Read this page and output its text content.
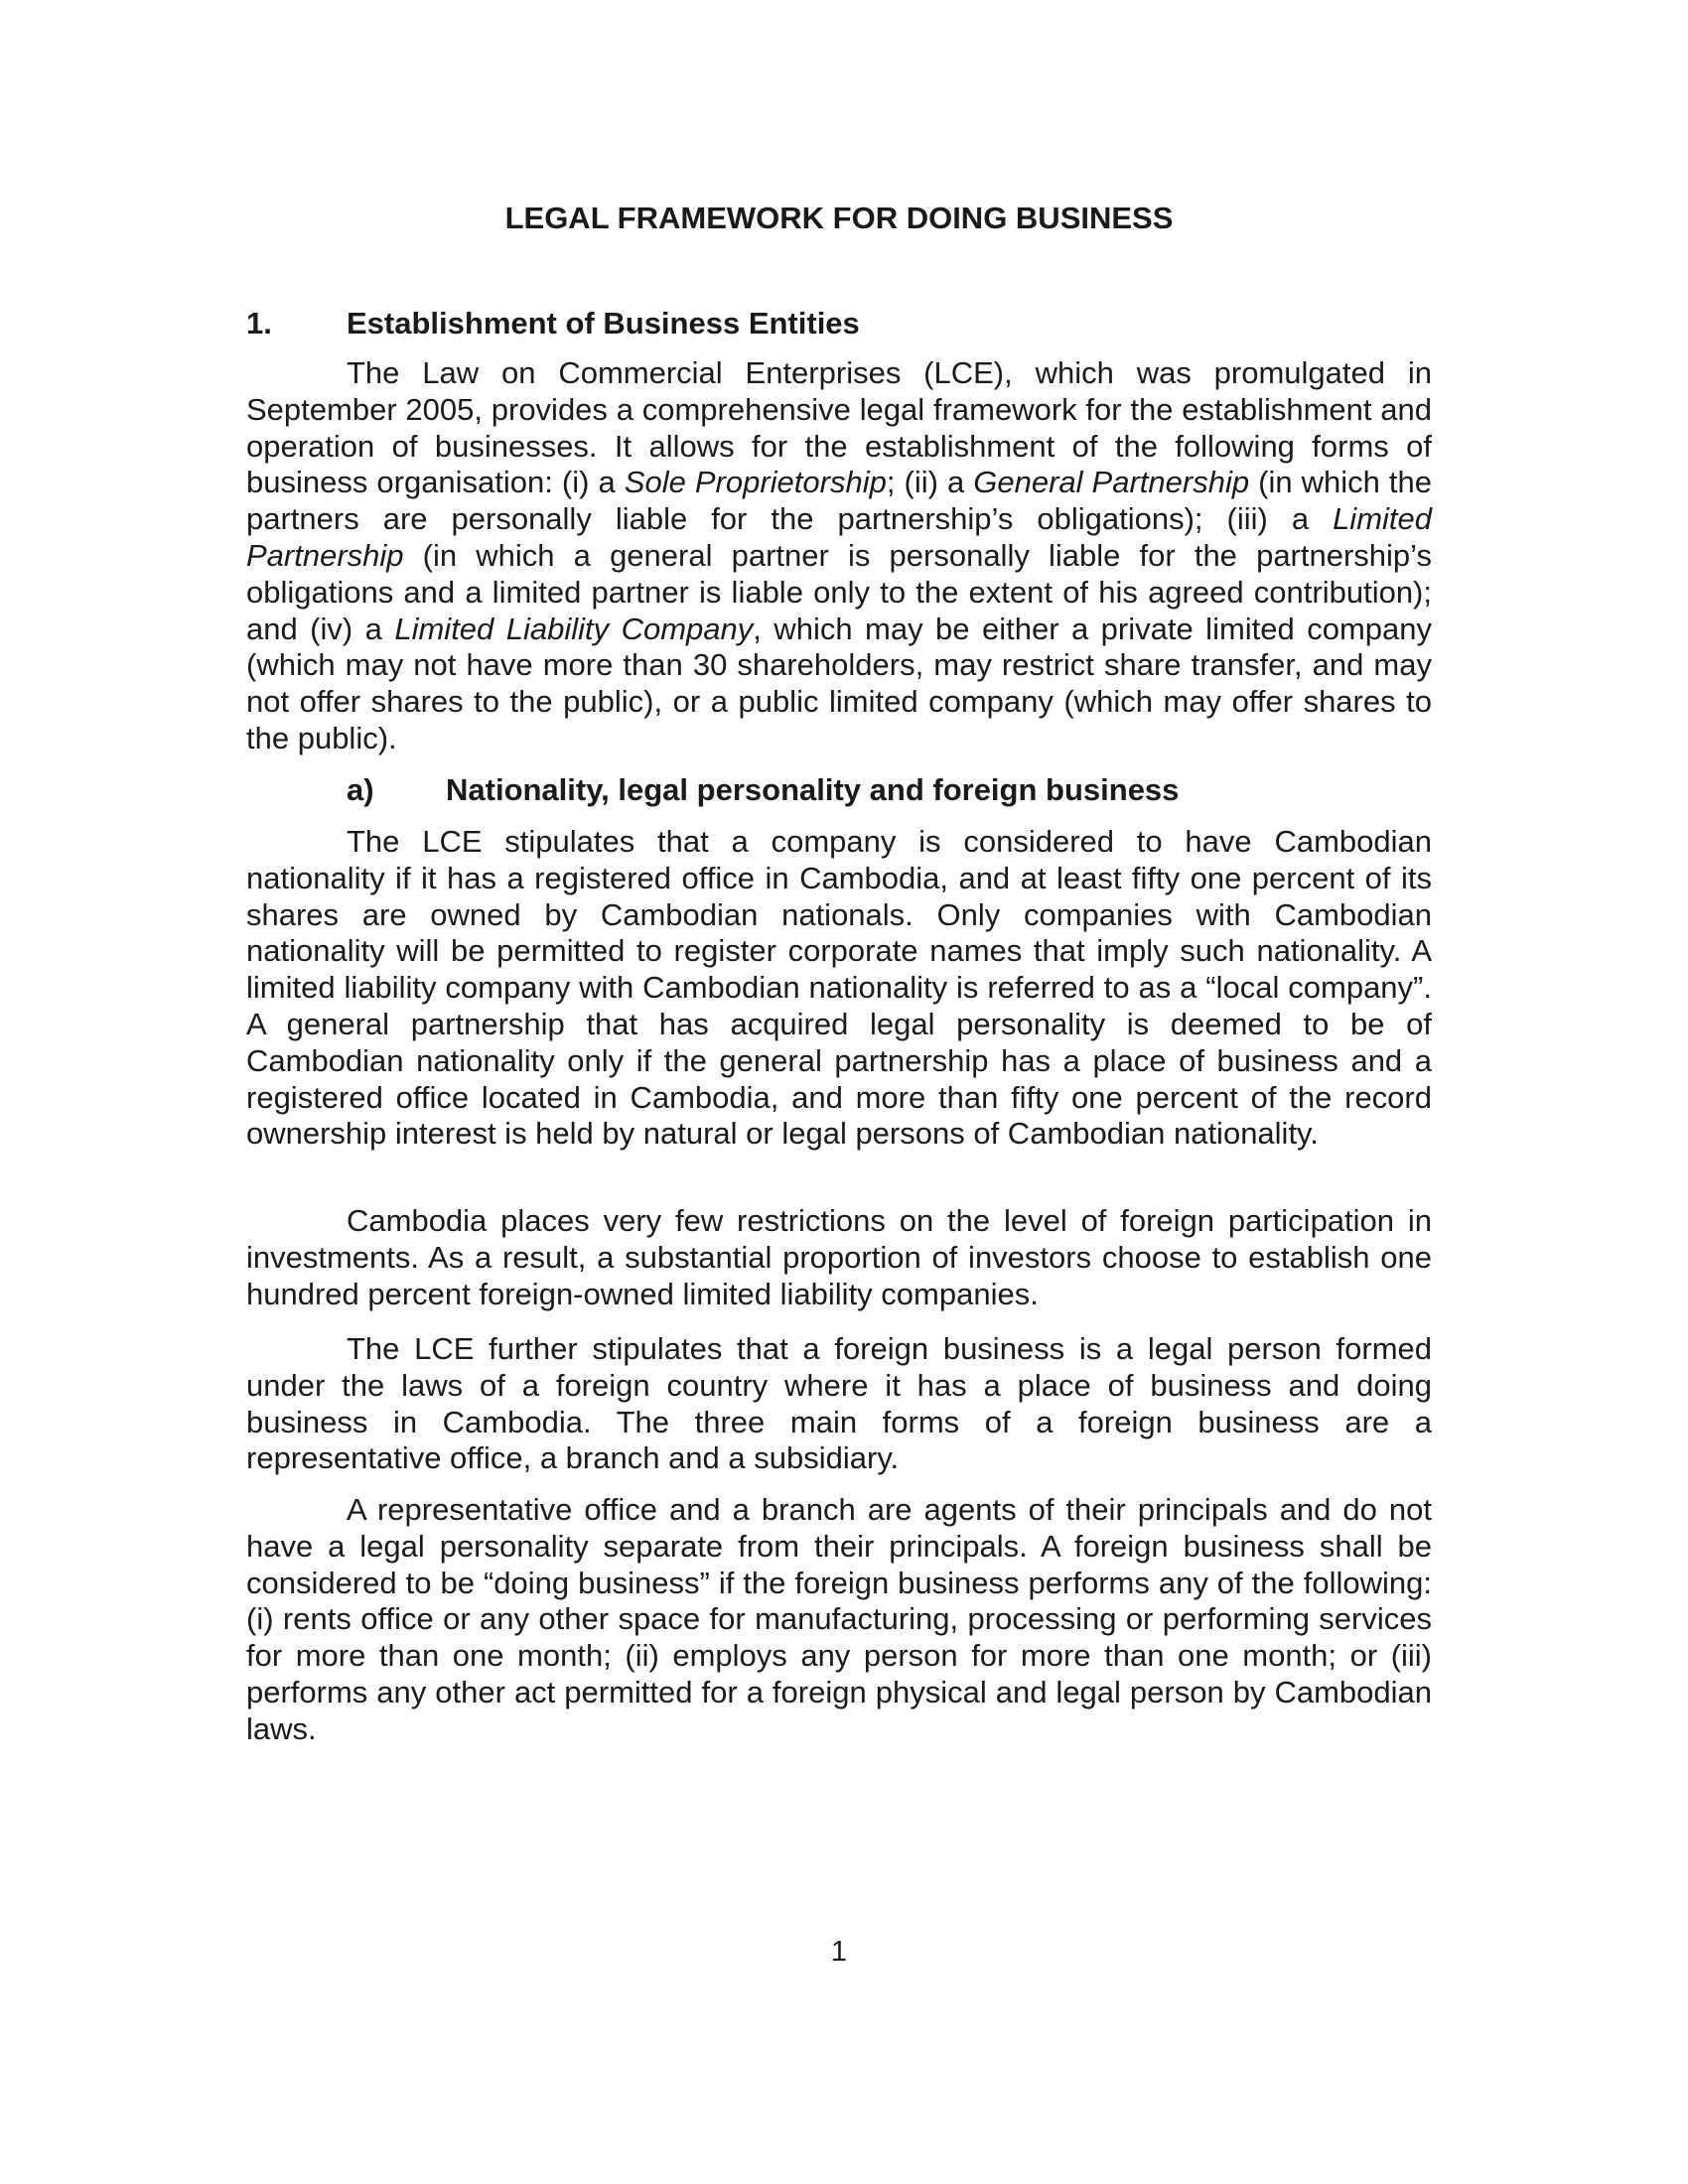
LEGAL FRAMEWORK FOR DOING BUSINESS
1. Establishment of Business Entities

The Law on Commercial Enterprises (LCE), which was promulgated in September 2005, provides a comprehensive legal framework for the establishment and operation of businesses. It allows for the establishment of the following forms of business organisation: (i) a Sole Proprietorship; (ii) a General Partnership (in which the partners are personally liable for the partnership’s obligations); (iii) a Limited Partnership (in which a general partner is personally liable for the partnership’s obligations and a limited partner is liable only to the extent of his agreed contribution); and (iv) a Limited Liability Company, which may be either a private limited company (which may not have more than 30 shareholders, may restrict share transfer, and may not offer shares to the public), or a public limited company (which may offer shares to the public).

a) Nationality, legal personality and foreign business

The LCE stipulates that a company is considered to have Cambodian nationality if it has a registered office in Cambodia, and at least fifty one percent of its shares are owned by Cambodian nationals. Only companies with Cambodian nationality will be permitted to register corporate names that imply such nationality. A limited liability company with Cambodian nationality is referred to as a “local company”. A general partnership that has acquired legal personality is deemed to be of Cambodian nationality only if the general partnership has a place of business and a registered office located in Cambodia, and more than fifty one percent of the record ownership interest is held by natural or legal persons of Cambodian nationality.

Cambodia places very few restrictions on the level of foreign participation in investments. As a result, a substantial proportion of investors choose to establish one hundred percent foreign-owned limited liability companies.

The LCE further stipulates that a foreign business is a legal person formed under the laws of a foreign country where it has a place of business and doing business in Cambodia. The three main forms of a foreign business are a representative office, a branch and a subsidiary.

A representative office and a branch are agents of their principals and do not have a legal personality separate from their principals. A foreign business shall be considered to be “doing business” if the foreign business performs any of the following: (i) rents office or any other space for manufacturing, processing or performing services for more than one month; (ii) employs any person for more than one month; or (iii) performs any other act permitted for a foreign physical and legal person by Cambodian laws.

1
